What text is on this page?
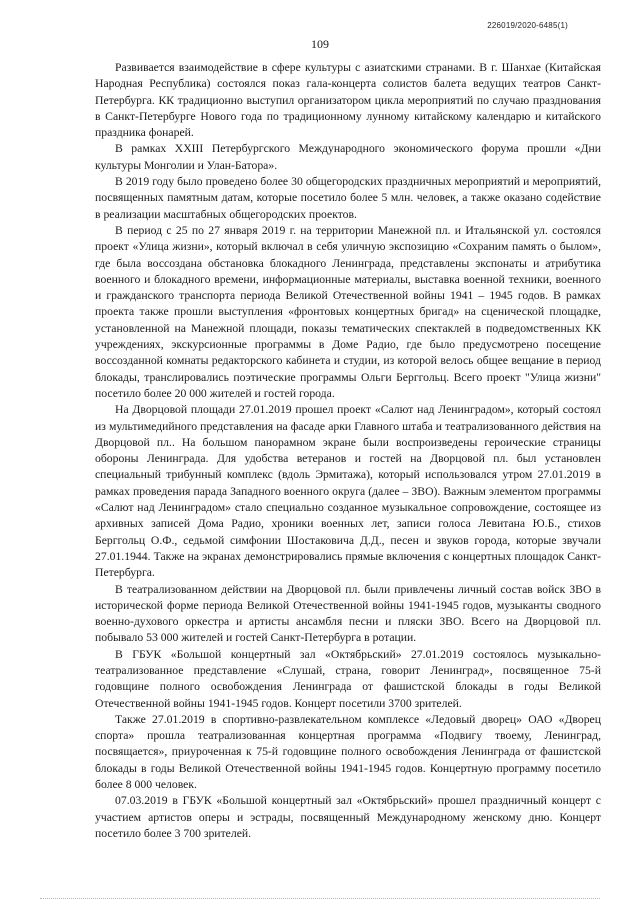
226019/2020-6485(1)
109

Развивается взаимодействие в сфере культуры с азиатскими странами. В г. Шанхае (Китайская Народная Республика) состоялся показ гала-концерта солистов балета ведущих театров Санкт-Петербурга. КК традиционно выступил организатором цикла мероприятий по случаю празднования в Санкт-Петербурге Нового года по традиционному лунному китайскому календарю и китайского праздника фонарей.

В рамках XXIII Петербургского Международного экономического форума прошли «Дни культуры Монголии и Улан-Батора».

В 2019 году было проведено более 30 общегородских праздничных мероприятий и мероприятий, посвященных памятным датам, которые посетило более 5 млн. человек, а также оказано содействие в реализации масштабных общегородских проектов.

В период с 25 по 27 января 2019 г. на территории Манежной пл. и Итальянской ул. состоялся проект «Улица жизни», который включал в себя уличную экспозицию «Сохраним память о былом», где была воссоздана обстановка блокадного Ленинграда, представлены экспонаты и атрибутика военного и блокадного времени, информационные материалы, выставка военной техники, военного и гражданского транспорта периода Великой Отечественной войны 1941 – 1945 годов. В рамках проекта также прошли выступления «фронтовых концертных бригад» на сценической площадке, установленной на Манежной площади, показы тематических спектаклей в подведомственных КК учреждениях, экскурсионные программы в Доме Радио, где было предусмотрено посещение воссозданной комнаты редакторского кабинета и студии, из которой велось общее вещание в период блокады, транслировались поэтические программы Ольги Берггольц. Всего проект "Улица жизни" посетило более 20 000 жителей и гостей города.

На Дворцовой площади 27.01.2019 прошел проект «Салют над Ленинградом», который состоял из мультимедийного представления на фасаде арки Главного штаба и театрализованного действия на Дворцовой пл.. На большом панорамном экране были воспроизведены героические страницы обороны Ленинграда. Для удобства ветеранов и гостей на Дворцовой пл. был установлен специальный трибунный комплекс (вдоль Эрмитажа), который использовался утром 27.01.2019 в рамках проведения парада Западного военного округа (далее – ЗВО). Важным элементом программы «Салют над Ленинградом» стало специально созданное музыкальное сопровождение, состоящее из архивных записей Дома Радио, хроники военных лет, записи голоса Левитана Ю.Б., стихов Берггольц О.Ф., седьмой симфонии Шостаковича Д.Д., песен и звуков города, которые звучали 27.01.1944. Также на экранах демонстрировались прямые включения с концертных площадок Санкт-Петербурга.

В театрализованном действии на Дворцовой пл. были привлечены личный состав войск ЗВО в исторической форме периода Великой Отечественной войны 1941-1945 годов, музыканты сводного военно-духового оркестра и артисты ансамбля песни и пляски ЗВО. Всего на Дворцовой пл. побывало 53 000 жителей и гостей Санкт-Петербурга в ротации.

В ГБУК «Большой концертный зал «Октябрьский» 27.01.2019 состоялось музыкально-театрализованное представление «Слушай, страна, говорит Ленинград», посвященное 75-й годовщине полного освобождения Ленинграда от фашистской блокады в годы Великой Отечественной войны 1941-1945 годов. Концерт посетили 3700 зрителей.

Также 27.01.2019 в спортивно-развлекательном комплексе «Ледовый дворец» ОАО «Дворец спорта» прошла театрализованная концертная программа «Подвигу твоему, Ленинград, посвящается», приуроченная к 75-й годовщине полного освобождения Ленинграда от фашистской блокады в годы Великой Отечественной войны 1941-1945 годов. Концертную программу посетило более 8 000 человек.

07.03.2019 в ГБУК «Большой концертный зал «Октябрьский» прошел праздничный концерт с участием артистов оперы и эстрады, посвященный Международному женскому дню. Концерт посетило более 3 700 зрителей.
